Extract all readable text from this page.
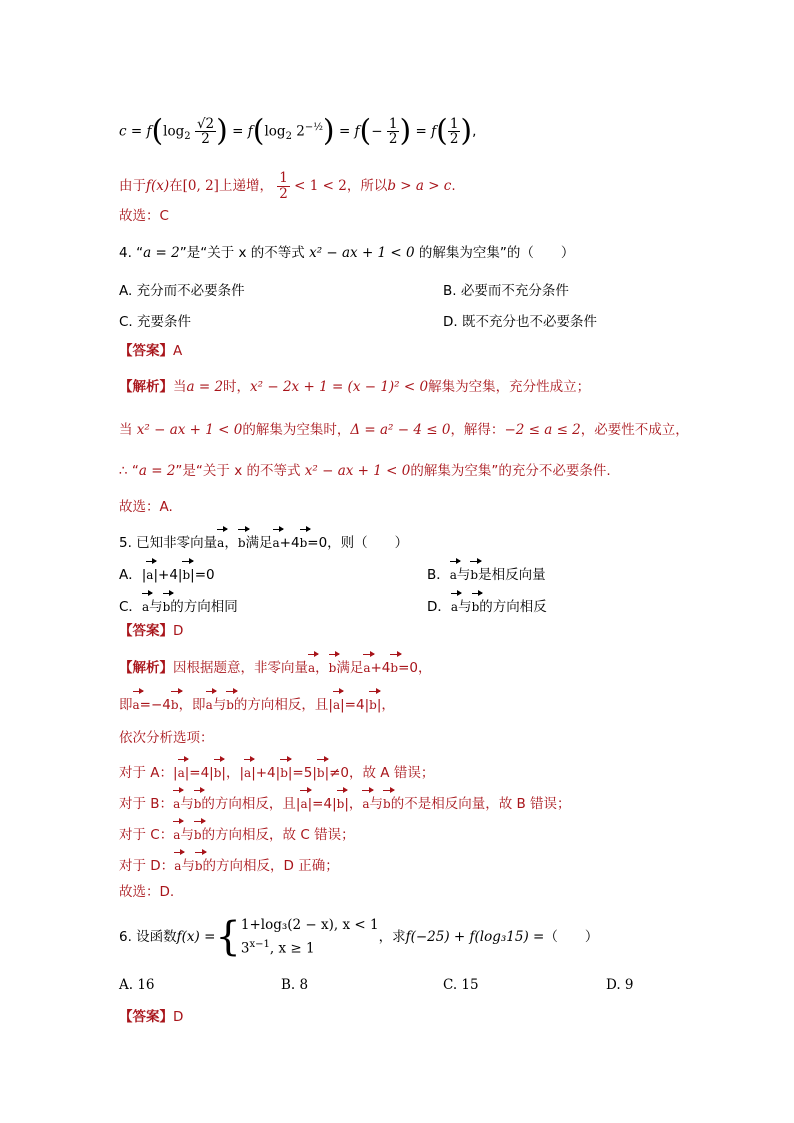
$c = f(\log_2 \frac{√2}{2}$ ) = $f(\log_2$ $2^{-\frac{1}{2}}) = f(- \frac{1}{2}$ ) = $f( \frac{1}{2}$ ),
由于f(x)在[0, 2]上递增， $\frac{1}{2} < 1 < 2$，所以b > a > c.
故选：C
4. “a = 2”是“关于 x 的不等式 x² − ax + 1 < 0 的解集为空集”的（　　）
A. 充分而不必要条件	B. 必要而不充分条件
C. 充要条件	D. 既不充分也不必要条件
【答案】A
【解析】当a = 2时，x² − 2x + 1 = (x − 1)² < 0解集为空集，充分性成立；
当 x² − ax + 1 < 0的解集为空集时，Δ = a² − 4 ≤ 0，解得：−2 ≤ a ≤ 2，必要性不成立，
∴ “a = 2”是“关于 x 的不等式 x² − ax + 1 < 0的解集为空集”的充分不必要条件.
故选：A.
5. 已知非零向量a，b满足a+4b=0，则（　　）
A．|a|+4|b|=0	B．a与b是相反向量
C．a与b的方向相同	D．a与b的方向相反
【答案】D
【解析】因根据题意，非零向量a，b满足a+4b=0，
即a=−4b，即a与b的方向相反，且|a|=4|b|，
依次分析选项：
对于 A：|a|=4|b|，|a|+4|b|=5|b|≠0，故 A 错误；
对于 B：a与b的方向相反，且|a|=4|b|，a与b的不是相反向量，故 B 错误；
对于 C：a与b的方向相反，故 C 错误；
对于 D：a与b的方向相反，D 正确；
故选：D.
6. 设函数f(x) ={ 1+log₃(2 − x), x < 1
$3^{x-1}$, x ≥ 1
，求f(−25) + f(log₃15) =（　　）
A. 16	B. 8	C. 15	D. 9
【答案】D
